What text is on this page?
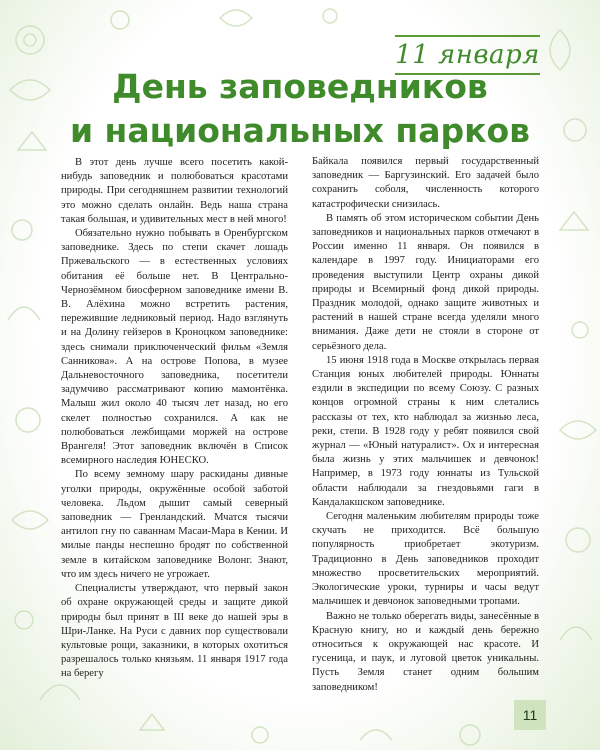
11 января
День заповедников
и национальных парков

В этот день лучше всего посетить какой-нибудь заповедник и полюбоваться красотами природы. При сегодняшнем развитии технологий это можно сделать онлайн. Ведь наша страна такая большая, и удивительных мест в ней много!

Обязательно нужно побывать в Оренбургском заповеднике. Здесь по степи скачет лошадь Пржевальского — в естественных условиях обитания её больше нет. В Центрально-Чернозёмном биосферном заповеднике имени В. В. Алёхина можно встретить растения, пережившие ледниковый период. Надо взглянуть и на Долину гейзеров в Кроноцком заповеднике: здесь снимали приключенческий фильм «Земля Санникова». А на острове Попова, в музее Дальневосточного заповедника, посетители задумчиво рассматривают копию мамонтёнка. Малыш жил около 40 тысяч лет назад, но его скелет полностью сохранился. А как не полюбоваться лежбищами моржей на острове Врангеля! Этот заповедник включён в Список всемирного наследия ЮНЕСКО.

По всему земному шару раскиданы дивные уголки природы, окружённые особой заботой человека. Льдом дышит самый северный заповедник — Гренландский. Мчатся тысячи антилоп гну по саваннам Масаи-Мара в Кении. И милые панды неспешно бродят по собственной земле в китайском заповеднике Волонг. Знают, что им здесь ничего не угрожает.

Специалисты утверждают, что первый закон об охране окружающей среды и защите дикой природы был принят в III веке до нашей эры в Шри-Ланке. На Руси с давних пор существовали культовые рощи, заказники, в которых охотиться разрешалось только князьям. 11 января 1917 года на берегу

Байкала появился первый государственный заповедник — Баргузинский. Его задачей было сохранить соболя, численность которого катастрофически снизилась.

В память об этом историческом событии День заповедников и национальных парков отмечают в России именно 11 января. Он появился в календаре в 1997 году. Инициаторами его проведения выступили Центр охраны дикой природы и Всемирный фонд дикой природы. Праздник молодой, однако защите животных и растений в нашей стране всегда уделяли много внимания. Даже дети не стояли в стороне от серьёзного дела.

15 июня 1918 года в Москве открылась первая Станция юных любителей природы. Юннаты ездили в экспедиции по всему Союзу. С разных концов огромной страны к ним слетались рассказы от тех, кто наблюдал за жизнью леса, реки, степи. В 1928 году у ребят появился свой журнал — «Юный натуралист». Ох и интересная была жизнь у этих мальчишек и девчонок! Например, в 1973 году юннаты из Тульской области наблюдали за гнездовьями гаги в Кандалакшском заповеднике.

Сегодня маленьким любителям природы тоже скучать не приходится. Всё большую популярность приобретает экотуризм. Традиционно в День заповедников проходит множество просветительских мероприятий. Экологические уроки, турниры и часы ведут мальчишек и девчонок заповедными тропами.

Важно не только оберегать виды, занесённые в Красную книгу, но и каждый день бережно относиться к окружающей нас красоте. И гусеница, и паук, и луговой цветок уникальны. Пусть Земля станет одним большим заповедником!

11
